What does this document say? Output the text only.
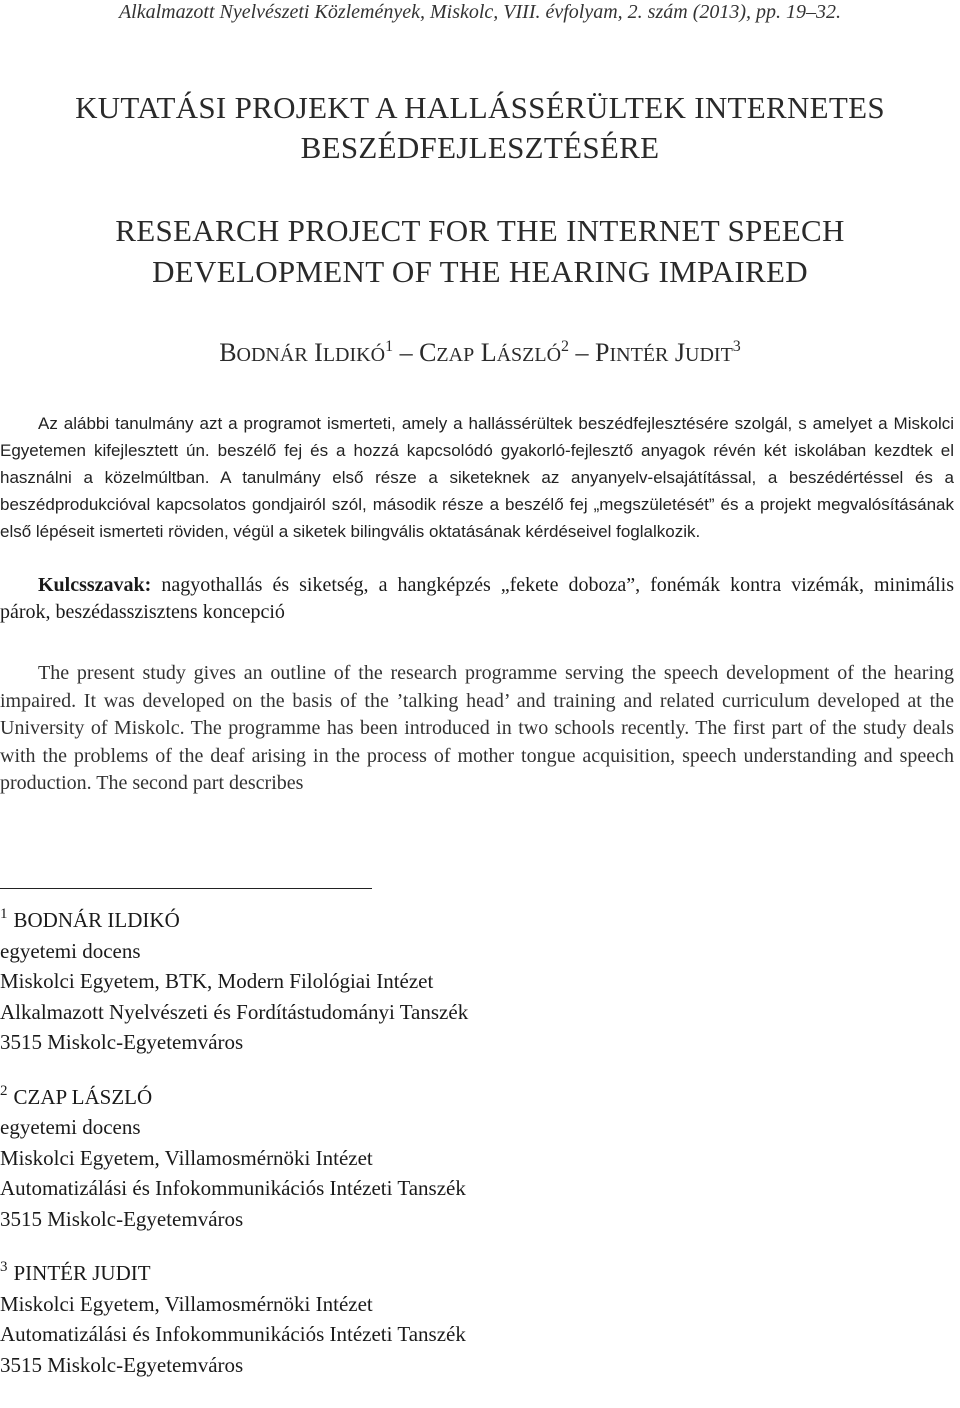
Alkalmazott Nyelvészeti Közlemények, Miskolc, VIII. évfolyam, 2. szám (2013), pp. 19–32.
KUTATÁSI PROJEKT A HALLÁSSÉRÜLTEK INTERNETES
BESZÉDFEJLESZTÉSÉRE
RESEARCH PROJECT FOR THE INTERNET SPEECH
DEVELOPMENT OF THE HEARING IMPAIRED
BODNÁR ILDIKÓ$^1$ – CZAP LÁSZLÓ$^2$ – PINTÉR JUDIT$^3$

Az alábbi tanulmány azt a programot ismerteti, amely a hallássérültek beszédfejlesztésére szolgál, s amelyet a Miskolci Egyetemen kifejlesztett ún. beszélő fej és a hozzá kapcsolódó gyakorló-fejlesztő anyagok révén két iskolában kezdtek el használni a közelmúltban. A tanulmány első része a siketeknek az anyanyelv-elsajátítással, a beszédértéssel és a beszédprodukcióval kapcsolatos gondjairól szól, második része a beszélő fej „megszületését” és a projekt megvalósításának első lépéseit ismerteti röviden, végül a siketek bilingvális oktatásának kérdéseivel foglalkozik.

Kulcsszavak: nagyothallás és siketség, a hangképzés „fekete doboza”, fonémák kontra vizémák, minimális párok, beszédasszisztens koncepció

The present study gives an outline of the research programme serving the speech development of the hearing impaired. It was developed on the basis of the ’talking head’ and training and related curriculum developed at the University of Miskolc. The programme has been introduced in two schools recently. The first part of the study deals with the problems of the deaf arising in the process of mother tongue acquisition, speech understanding and speech production. The second part describes

$^1$ BODNÁR ILDIKÓ
egyetemi docens
Miskolci Egyetem, BTK, Modern Filológiai Intézet
Alkalmazott Nyelvészeti és Fordítástudományi Tanszék
3515 Miskolc-Egyetemváros
$^2$ CZAP LÁSZLÓ
egyetemi docens
Miskolci Egyetem, Villamosmérnöki Intézet
Automatizálási és Infokommunikációs Intézeti Tanszék
3515 Miskolc-Egyetemváros
$^3$ PINTÉR JUDIT
Miskolci Egyetem, Villamosmérnöki Intézet
Automatizálási és Infokommunikációs Intézeti Tanszék
3515 Miskolc-Egyetemváros
